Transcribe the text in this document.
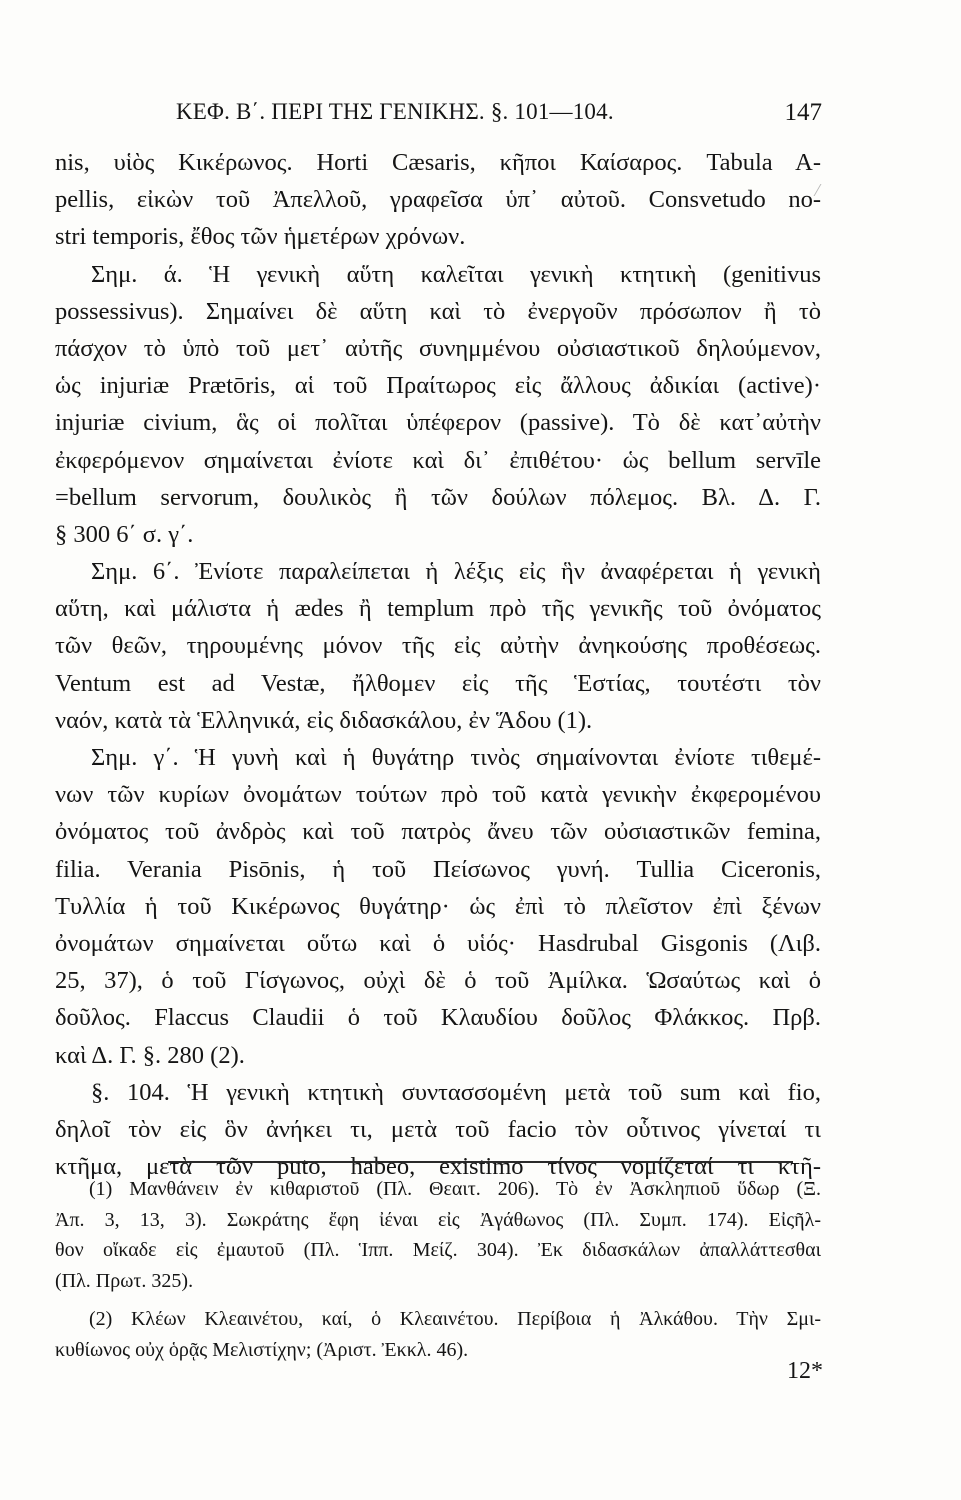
ΚΕΦ. Β΄. ΠΕΡΙ ΤΗΣ ΓΕΝΙΚΗΣ. §. 101—104.	147
nis, υἱὸς Κικέρωνος. Horti Cæsaris, κῆποι Καίσαρος. Tabula A-
pellis, εἰκὼν τοῦ Ἀπελλοῦ, γραφεῖσα ὑπ᾽ αὐτοῦ. Consvetudo no-
stri temporis, ἔθος τῶν ἡμετέρων χρόνων.
Σημ. ά. Ἡ γενικὴ αὕτη καλεῖται γενικὴ κτητικὴ (genitivus
possessivus). Σημαίνει δὲ αὕτη καὶ τὸ ἐνεργοῦν πρόσωπον ἢ τὸ
πάσχον τὸ ὑπὸ τοῦ μετ᾽ αὐτῆς συνημμένου οὐσιαστικοῦ δηλούμενον,
ὡς injuriæ Prætōris, αἱ τοῦ Πραίτωρος εἰς ἄλλους ἀδικίαι (active)·
injuriæ civium, ἃς οἱ πολῖται ὑπέφερον (passive). Τὸ δὲ κατ᾽αὐτὴν
ἐκφερόμενον σημαίνεται ἐνίοτε καὶ δι᾽ ἐπιθέτου· ὡς bellum servīle
=bellum servorum, δουλικὸς ἢ τῶν δούλων πόλεμος. Βλ. Δ. Γ.
§ 300 6΄ σ. γ΄.
Σημ. 6΄. Ἐνίοτε παραλείπεται ἡ λέξις εἰς ἣν ἀναφέρεται ἡ γενικὴ
αὕτη, καὶ μάλιστα ἡ ædes ἢ templum πρὸ τῆς γενικῆς τοῦ ὀνόματος
τῶν θεῶν, τηρουμένης μόνον τῆς εἰς αὐτὴν ἀνηκούσης προθέσεως.
Ventum est ad Vestæ, ἤλθομεν εἰς τῆς Ἑστίας, τουτέστι τὸν
ναόν, κατὰ τὰ Ἑλληνικά, εἰς διδασκάλου, ἐν Ἅδου (1).
Σημ. γ΄. Ἡ γυνὴ καὶ ἡ θυγάτηρ τινὸς σημαίνονται ἐνίοτε τιθεμέ-
νων τῶν κυρίων ὀνομάτων τούτων πρὸ τοῦ κατὰ γενικὴν ἐκφερομένου
ὀνόματος τοῦ ἀνδρὸς καὶ τοῦ πατρὸς ἄνευ τῶν οὐσιαστικῶν femina,
filia. Verania Pisōnis, ἡ τοῦ Πείσωνος γυνή. Tullia Ciceronis,
Τυλλία ἡ τοῦ Κικέρωνος θυγάτηρ· ὡς ἐπὶ τὸ πλεῖστον ἐπὶ ξένων
ὀνομάτων σημαίνεται οὕτω καὶ ὁ υἱός· Hasdrubal Gisgonis (Λιβ.
25, 37), ὁ τοῦ Γίσγωνος, οὐχὶ δὲ ὁ τοῦ Ἀμίλκα. Ὡσαύτως καὶ ὁ
δοῦλος. Flaccus Claudii ὁ τοῦ Κλαυδίου δοῦλος Φλάκκος. Πρβ.
καὶ Δ. Γ. §. 280 (2).
§. 104. Ἡ γενικὴ κτητικὴ συντασσομένη μετὰ τοῦ sum καὶ fio,
δηλοῖ τὸν εἰς ὃν ἀνήκει τι, μετὰ τοῦ facio τὸν οὗτινος γίνεταί τι
κτῆμα, μετὰ τῶν puto, habeo, existimo τίνος νομίζεταί τι κτῆ-
(1) Μανθάνειν ἐν κιθαριστοῦ (Πλ. Θεαιτ. 206). Τὸ ἐν Ἀσκληπιοῦ ὕδωρ (Ξ.
Ἀπ. 3, 13, 3). Σωκράτης ἔφη ἰέναι εἰς Ἀγάθωνος (Πλ. Συμπ. 174). Εἰςῆλ-
θον οἴκαδε εἰς ἐμαυτοῦ (Πλ. Ἱππ. Μείζ. 304). Ἐκ διδασκάλων ἀπαλλάττεσθαι
(Πλ. Πρωτ. 325).
(2) Κλέων Κλεαινέτου, καί, ὁ Κλεαινέτου. Περίβοια ἡ Ἀλκάθου. Τὴν Σμι-
κυθίωνος οὐχ ὁρᾷς Μελιστίχην; (Ἀριστ. Ἐκκλ. 46).
12*
